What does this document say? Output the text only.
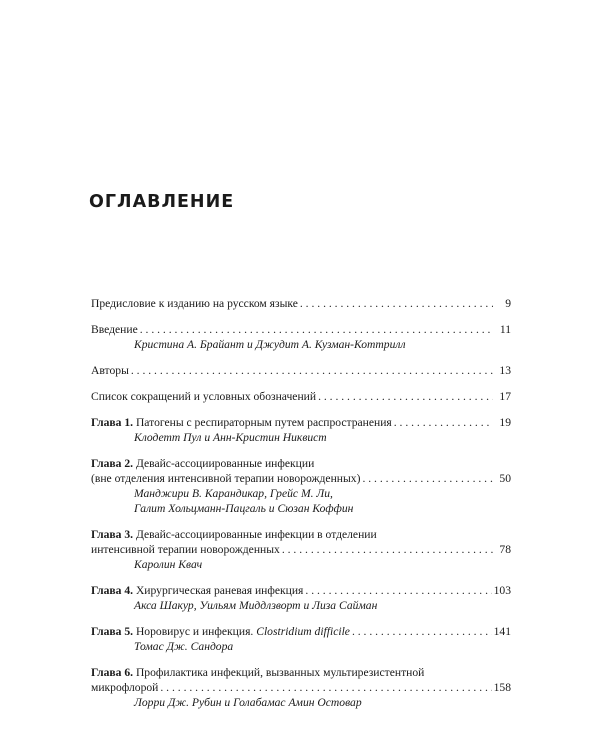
ОГЛАВЛЕНИЕ
Предисловие к изданию на русском языке . . .	9
Введение . . .	11
Кристина А. Брайант и Джудит А. Кузман-Коттрилл
Авторы . . .	13
Список сокращений и условных обозначений . . .	17
Глава 1. Патогены с респираторным путем распространения . . .	19
Клодетт Пул и Анн-Кристин Никвист
Глава 2. Девайс-ассоциированные инфекции
(вне отделения интенсивной терапии новорожденных) . . .	50
Манджири В. Карандикар, Грейс М. Ли,
Галит Хольцманн-Пацгаль и Сюзан Коффин
Глава 3. Девайс-ассоциированные инфекции в отделении
интенсивной терапии новорожденных . . .	78
Каролин Квач
Глава 4. Хирургическая раневая инфекция . . .	103
Акса Шакур, Уильям Миддлзворт и Лиза Сайман
Глава 5. Норовирус и инфекция. Clostridium difficile . . .	141
Томас Дж. Сандора
Глава 6. Профилактика инфекций, вызванных мультирезистентной
микрофлорой . . .	158
Лорри Дж. Рубин и Голабамас Амин Остовар
